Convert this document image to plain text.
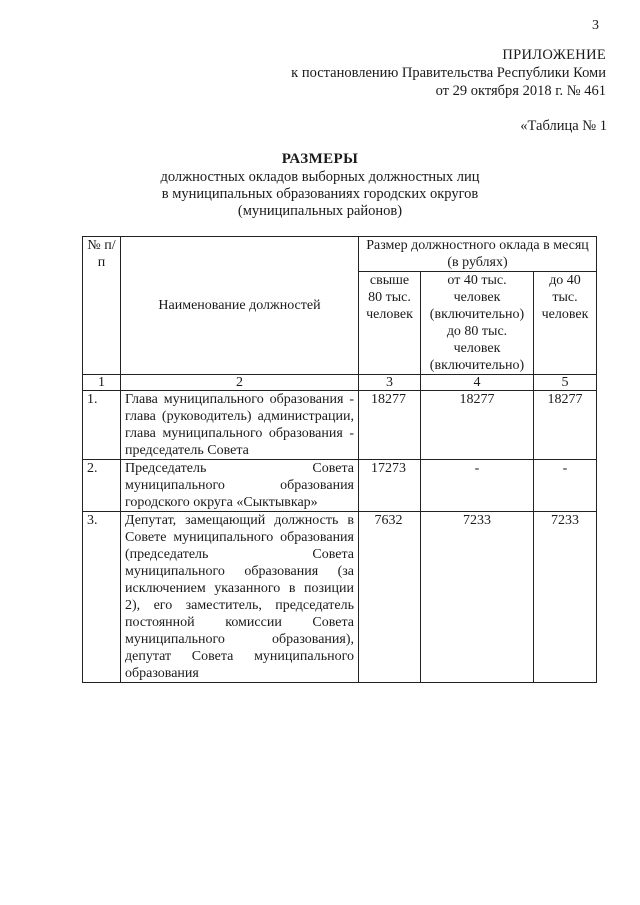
3
ПРИЛОЖЕНИЕ
к постановлению Правительства Республики Коми
от 29 октября 2018 г. № 461
«Таблица № 1
РАЗМЕРЫ
должностных окладов выборных должностных лиц
в муниципальных образованиях городских округов
(муниципальных районов)
№ п/п	Наименование должностей	Размер должностного оклада в месяц (в рублях)		
		свыше 80 тыс. человек	от 40 тыс. человек (включительно) до 80 тыс. человек (включительно)	до 40 тыс. человек
1	2	3	4	5
1.	Глава муниципального образования - глава (руководитель) администрации, глава муниципального образования - председатель Совета	18277	18277	18277
2.	Председатель Совета муниципального образования городского округа «Сыктывкар»	17273	-	-
3.	Депутат, замещающий должность в Совете муниципального образования (председатель Совета муниципального образования (за исключением указанного в позиции 2), его заместитель, председатель постоянной комиссии Совета муниципального образования), депутат Совета муниципального образования	7632	7233	7233
